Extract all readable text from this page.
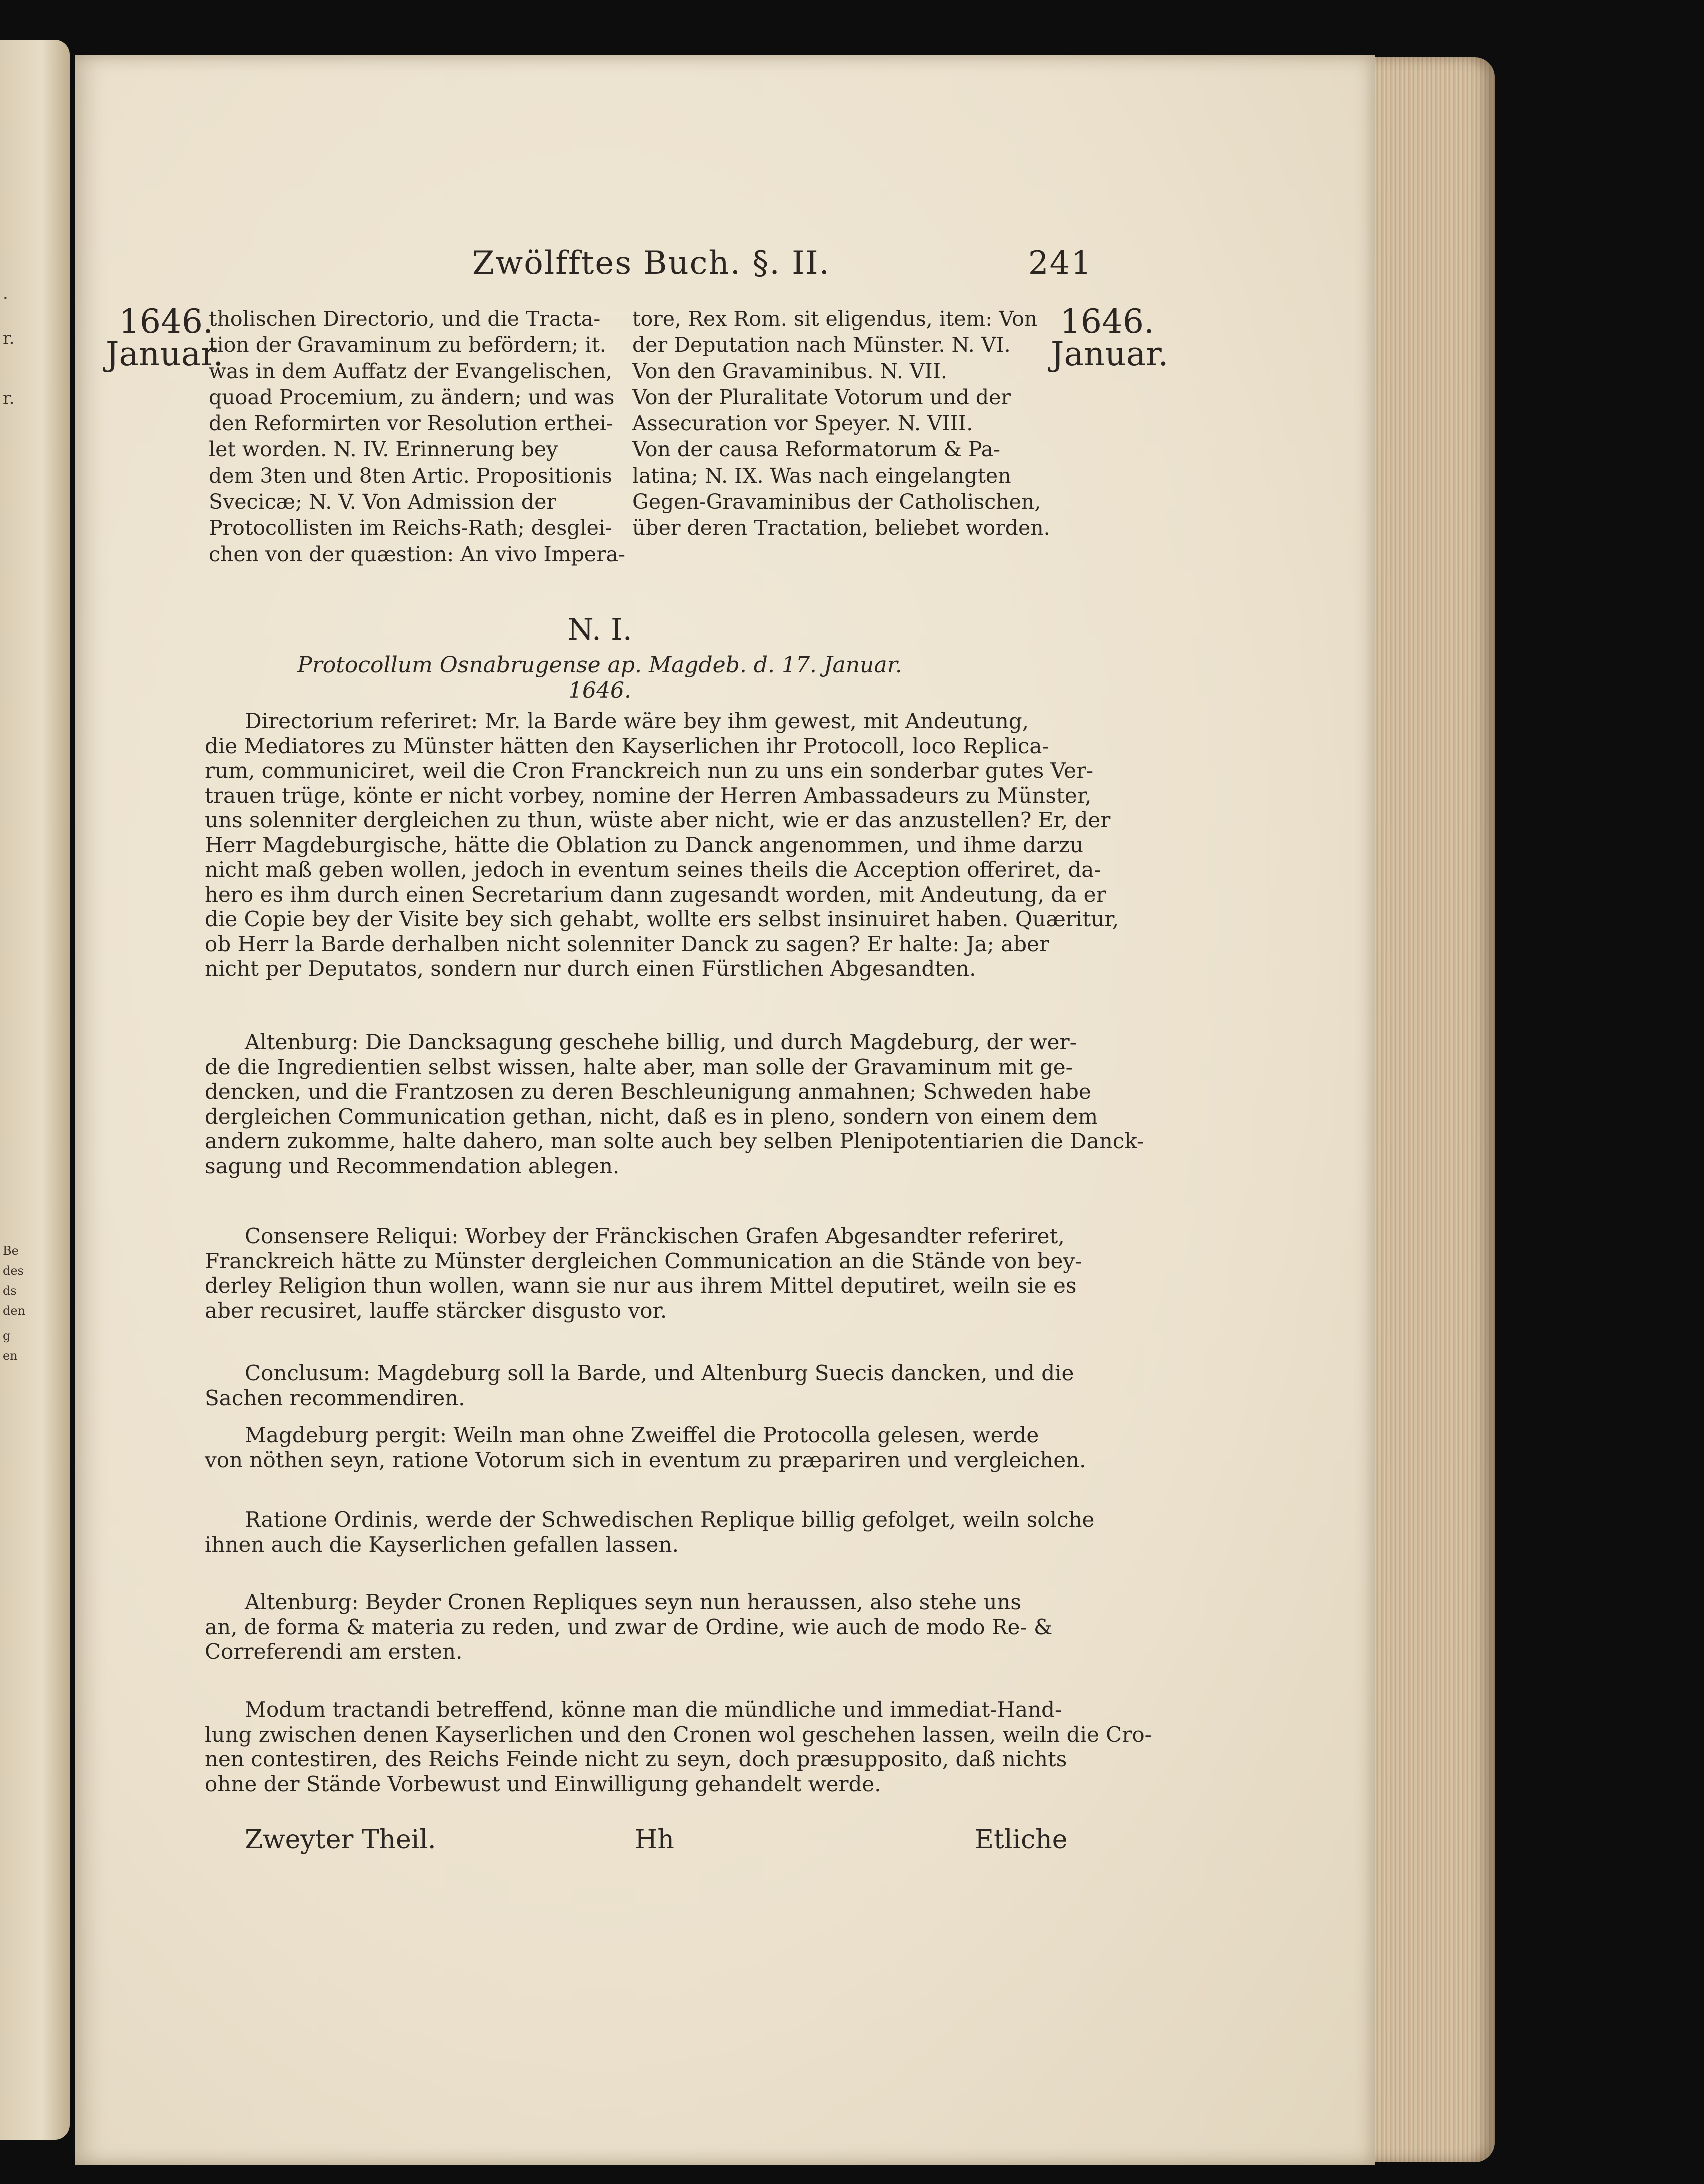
.
r.
r.
Be
des
ds
den
g
en
Zwölfftes Buch. §. II.	241
1646.
Januar.
1646.
Januar.
tholischen Directorio, und die Tracta-
tion der Gravaminum zu befördern; it.
was in dem Auffatz der Evangelischen,
quoad Procemium, zu ändern; und was
den Reformirten vor Resolution erthei-
let worden. N. IV. Erinnerung bey
dem 3ten und 8ten Artic. Propositionis
Svecicæ; N. V. Von Admission der
Protocollisten im Reichs-Rath; desglei-
chen von der quæstion: An vivo Impera-
tore, Rex Rom. sit eligendus, item: Von
der Deputation nach Münster. N. VI.
Von den Gravaminibus. N. VII.
Von der Pluralitate Votorum und der
Assecuration vor Speyer. N. VIII.
Von der causa Reformatorum & Pa-
latina; N. IX. Was nach eingelangten
Gegen-Gravaminibus der Catholischen,
über deren Tractation, beliebet worden.
N. I.
Protocollum Osnabrugense ap. Magdeb. d. 17. Januar. 1646.
Directorium referiret: Mr. la Barde wäre bey ihm gewest, mit Andeutung,
die Mediatores zu Münster hätten den Kayserlichen ihr Protocoll, loco Replica-
rum, communiciret, weil die Cron Franckreich nun zu uns ein sonderbar gutes Ver-
trauen trüge, könte er nicht vorbey, nomine der Herren Ambassadeurs zu Münster,
uns solenniter dergleichen zu thun, wüste aber nicht, wie er das anzustellen? Er, der
Herr Magdeburgische, hätte die Oblation zu Danck angenommen, und ihme darzu
nicht maß geben wollen, jedoch in eventum seines theils die Acception offeriret, da-
hero es ihm durch einen Secretarium dann zugesandt worden, mit Andeutung, da er
die Copie bey der Visite bey sich gehabt, wollte ers selbst insinuiret haben. Quæritur,
ob Herr la Barde derhalben nicht solenniter Danck zu sagen? Er halte: Ja; aber
nicht per Deputatos, sondern nur durch einen Fürstlichen Abgesandten.
Altenburg: Die Dancksagung geschehe billig, und durch Magdeburg, der wer-
de die Ingredientien selbst wissen, halte aber, man solle der Gravaminum mit ge-
dencken, und die Frantzosen zu deren Beschleunigung anmahnen; Schweden habe
dergleichen Communication gethan, nicht, daß es in pleno, sondern von einem dem
andern zukomme, halte dahero, man solte auch bey selben Plenipotentiarien die Danck-
sagung und Recommendation ablegen.
Consensere Reliqui: Worbey der Fränckischen Grafen Abgesandter referiret,
Franckreich hätte zu Münster dergleichen Communication an die Stände von bey-
derley Religion thun wollen, wann sie nur aus ihrem Mittel deputiret, weiln sie es
aber recusiret, lauffe stärcker disgusto vor.
Conclusum: Magdeburg soll la Barde, und Altenburg Suecis dancken, und die
Sachen recommendiren.
Magdeburg pergit: Weiln man ohne Zweiffel die Protocolla gelesen, werde
von nöthen seyn, ratione Votorum sich in eventum zu præpariren und vergleichen.
Ratione Ordinis, werde der Schwedischen Replique billig gefolget, weiln solche
ihnen auch die Kayserlichen gefallen lassen.
Altenburg: Beyder Cronen Repliques seyn nun heraussen, also stehe uns
an, de forma & materia zu reden, und zwar de Ordine, wie auch de modo Re- &
Correferendi am ersten.
Modum tractandi betreffend, könne man die mündliche und immediat-Hand-
lung zwischen denen Kayserlichen und den Cronen wol geschehen lassen, weiln die Cro-
nen contestiren, des Reichs Feinde nicht zu seyn, doch præsupposito, daß nichts
ohne der Stände Vorbewust und Einwilligung gehandelt werde.
Zweyter Theil.	Hh	Etliche
